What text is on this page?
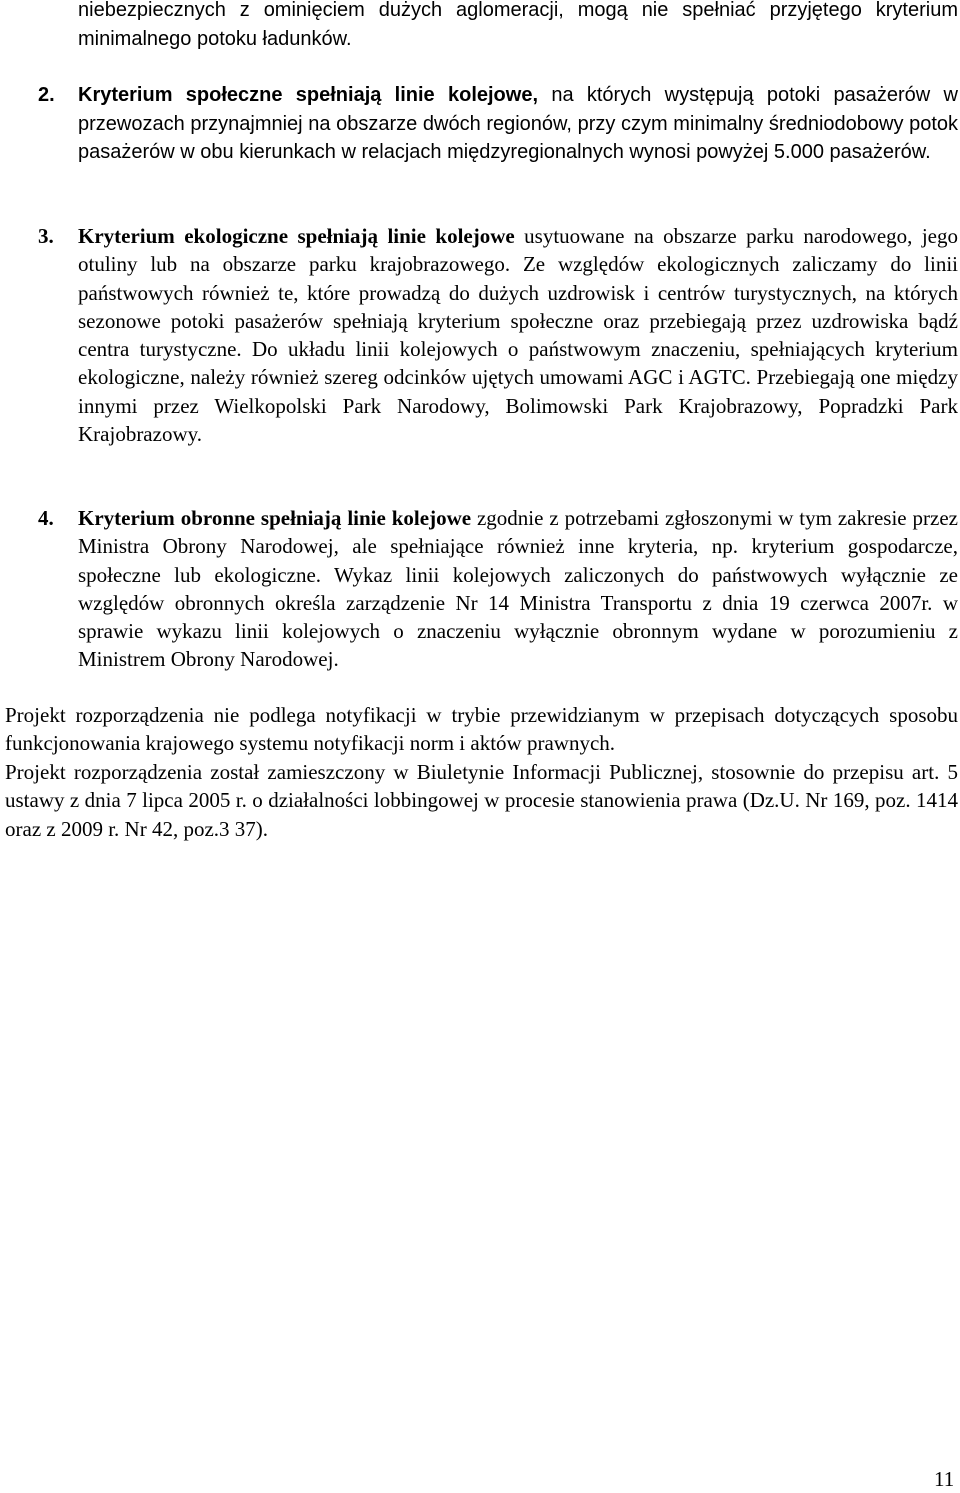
niebezpiecznych z ominięciem dużych aglomeracji, mogą nie spełniać przyjętego kryterium minimalnego potoku ładunków.
2. Kryterium społeczne spełniają linie kolejowe, na których występują potoki pasażerów w przewozach przynajmniej na obszarze dwóch regionów, przy czym minimalny średniodobowy potok pasażerów w obu kierunkach w relacjach międzyregionalnych wynosi powyżej 5.000 pasażerów.
3. Kryterium ekologiczne spełniają linie kolejowe usytuowane na obszarze parku narodowego, jego otuliny lub na obszarze parku krajobrazowego. Ze względów ekologicznych zaliczamy do linii państwowych również te, które prowadzą do dużych uzdrowisk i centrów turystycznych, na których sezonowe potoki pasażerów spełniają kryterium społeczne oraz przebiegają przez uzdrowiska bądź centra turystyczne. Do układu linii kolejowych o państwowym znaczeniu, spełniających kryterium ekologiczne, należy również szereg odcinków ujętych umowami AGC i AGTC. Przebiegają one między innymi przez Wielkopolski Park Narodowy, Bolimowski Park Krajobrazowy, Popradzki Park Krajobrazowy.
4. Kryterium obronne spełniają linie kolejowe zgodnie z potrzebami zgłoszonymi w tym zakresie przez Ministra Obrony Narodowej, ale spełniające również inne kryteria, np. kryterium gospodarcze, społeczne lub ekologiczne. Wykaz linii kolejowych zaliczonych do państwowych wyłącznie ze względów obronnych określa zarządzenie Nr 14 Ministra Transportu z dnia 19 czerwca 2007r. w sprawie wykazu linii kolejowych o znaczeniu wyłącznie obronnym wydane w porozumieniu z Ministrem Obrony Narodowej.
Projekt rozporządzenia nie podlega notyfikacji w trybie przewidzianym w przepisach dotyczących sposobu funkcjonowania krajowego systemu notyfikacji norm i aktów prawnych.
Projekt rozporządzenia został zamieszczony w Biuletynie Informacji Publicznej, stosownie do przepisu art. 5 ustawy z dnia 7 lipca 2005 r. o działalności lobbingowej w procesie stanowienia prawa (Dz.U. Nr 169, poz. 1414 oraz z 2009 r. Nr 42, poz.3 37).
11
